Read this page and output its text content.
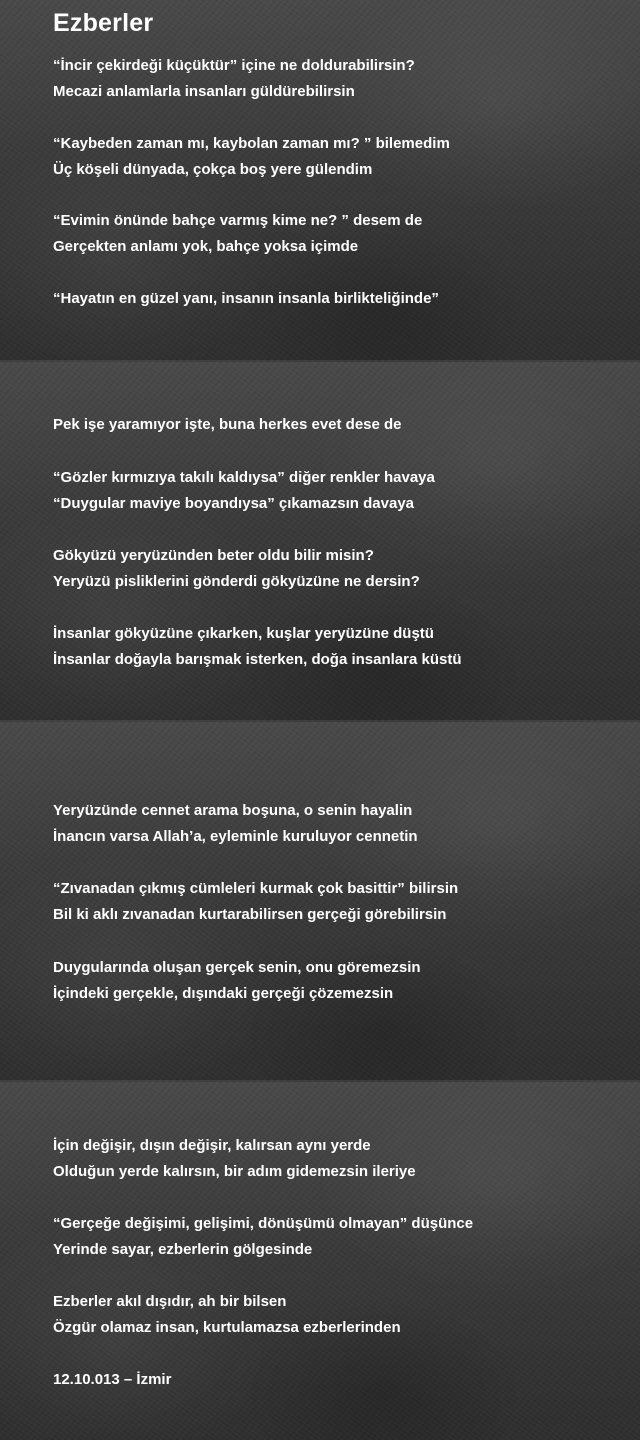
Ezberler
“İncir çekirdeği küçüktür” içine ne doldurabilirsin?
Mecazi anlamlarla insanları güldürebilirsin
“Kaybeden zaman mı, kaybolan zaman mı? ” bilemedim
Üç köşeli dünyada, çokça boş yere gülendim
“Evimin önünde bahçe varmış kime ne? ” desem de
Gerçekten anlamı yok, bahçe yoksa içimde
“Hayatın en güzel yanı, insanın insanla birlikteliğinde”
Pek işe yaramıyor işte, buna herkes evet dese de
“Gözler kırmızıya takılı kaldıysa” diğer renkler havaya
“Duygular maviye boyandıysa” çıkamazsın davaya
Gökyüzü yeryüzünden beter oldu bilir misin?
Yeryüzü pisliklerini gönderdi gökyüzüne ne dersin?
İnsanlar gökyüzüne çıkarken, kuşlar yeryüzüne düştü
İnsanlar doğayla barışmak isterken, doğa insanlara küstü
Yeryüzünde cennet arama boşuna, o senin hayalin
İnancın varsa Allah’a, eyleminle kuruluyor cennetin
“Zıvanadan çıkmış cümleleri kurmak çok basittir” bilirsin
Bil ki aklı zıvanadan kurtarabilirsen gerçeği görebilirsin
Duygularında oluşan gerçek senin, onu göremezsin
İçindeki gerçekle, dışındaki gerçeği çözemezsin
İçin değişir, dışın değişir, kalırsan aynı yerde
Olduğun yerde kalırsın, bir adım gidemezsin ileriye
“Gerçeğe değişimi, gelişimi, dönüşümü olmayan” düşünce
Yerinde sayar, ezberlerin gölgesinde
Ezberler akıl dışıdır, ah bir bilsen
Özgür olamaz insan, kurtulamazsa ezberlerinden
12.10.013 – İzmir
